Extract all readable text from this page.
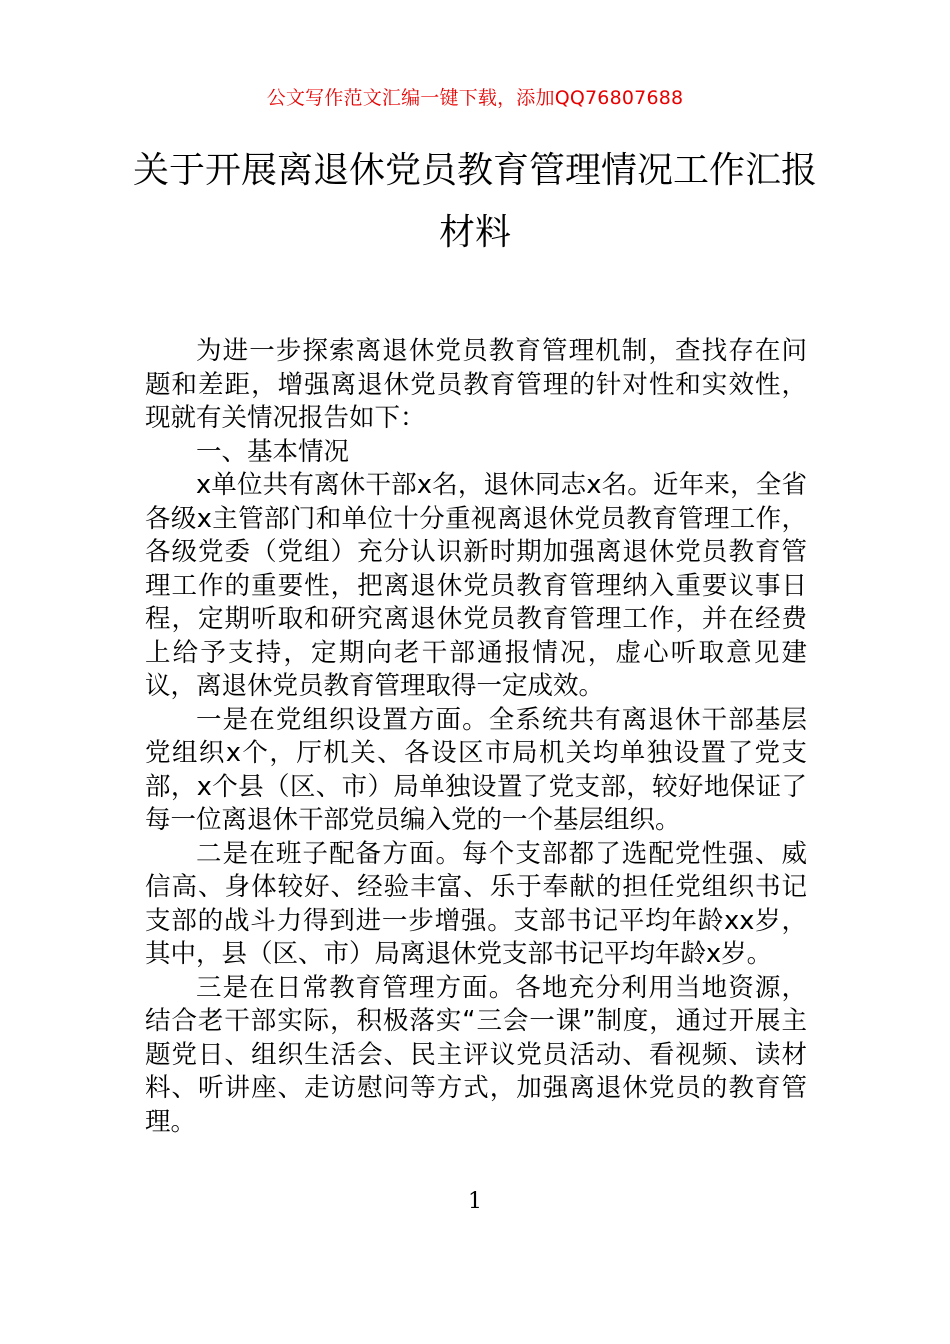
公文写作范文汇编一键下载，添加QQ76807688
关于开展离退休党员教育管理情况工作汇报材料

为进一步探索离退休党员教育管理机制，查找存在问题和差距，增强离退休党员教育管理的针对性和实效性，现就有关情况报告如下：

一、基本情况

x单位共有离休干部x名，退休同志x名。近年来，全省各级x主管部门和单位十分重视离退休党员教育管理工作，各级党委（党组）充分认识新时期加强离退休党员教育管理工作的重要性，把离退休党员教育管理纳入重要议事日程，定期听取和研究离退休党员教育管理工作，并在经费上给予支持，定期向老干部通报情况，虚心听取意见建议，离退休党员教育管理取得一定成效。

一是在党组织设置方面。全系统共有离退休干部基层党组织x个，厅机关、各设区市局机关均单独设置了党支部，x个县（区、市）局单独设置了党支部，较好地保证了每一位离退休干部党员编入党的一个基层组织。

二是在班子配备方面。每个支部都了选配党性强、威信高、身体较好、经验丰富、乐于奉献的担任党组织书记支部的战斗力得到进一步增强。支部书记平均年龄xx岁，其中，县（区、市）局离退休党支部书记平均年龄x岁。

三是在日常教育管理方面。各地充分利用当地资源，结合老干部实际，积极落实“三会一课”制度，通过开展主题党日、组织生活会、民主评议党员活动、看视频、读材料、听讲座、走访慰问等方式，加强离退休党员的教育管理。

1
